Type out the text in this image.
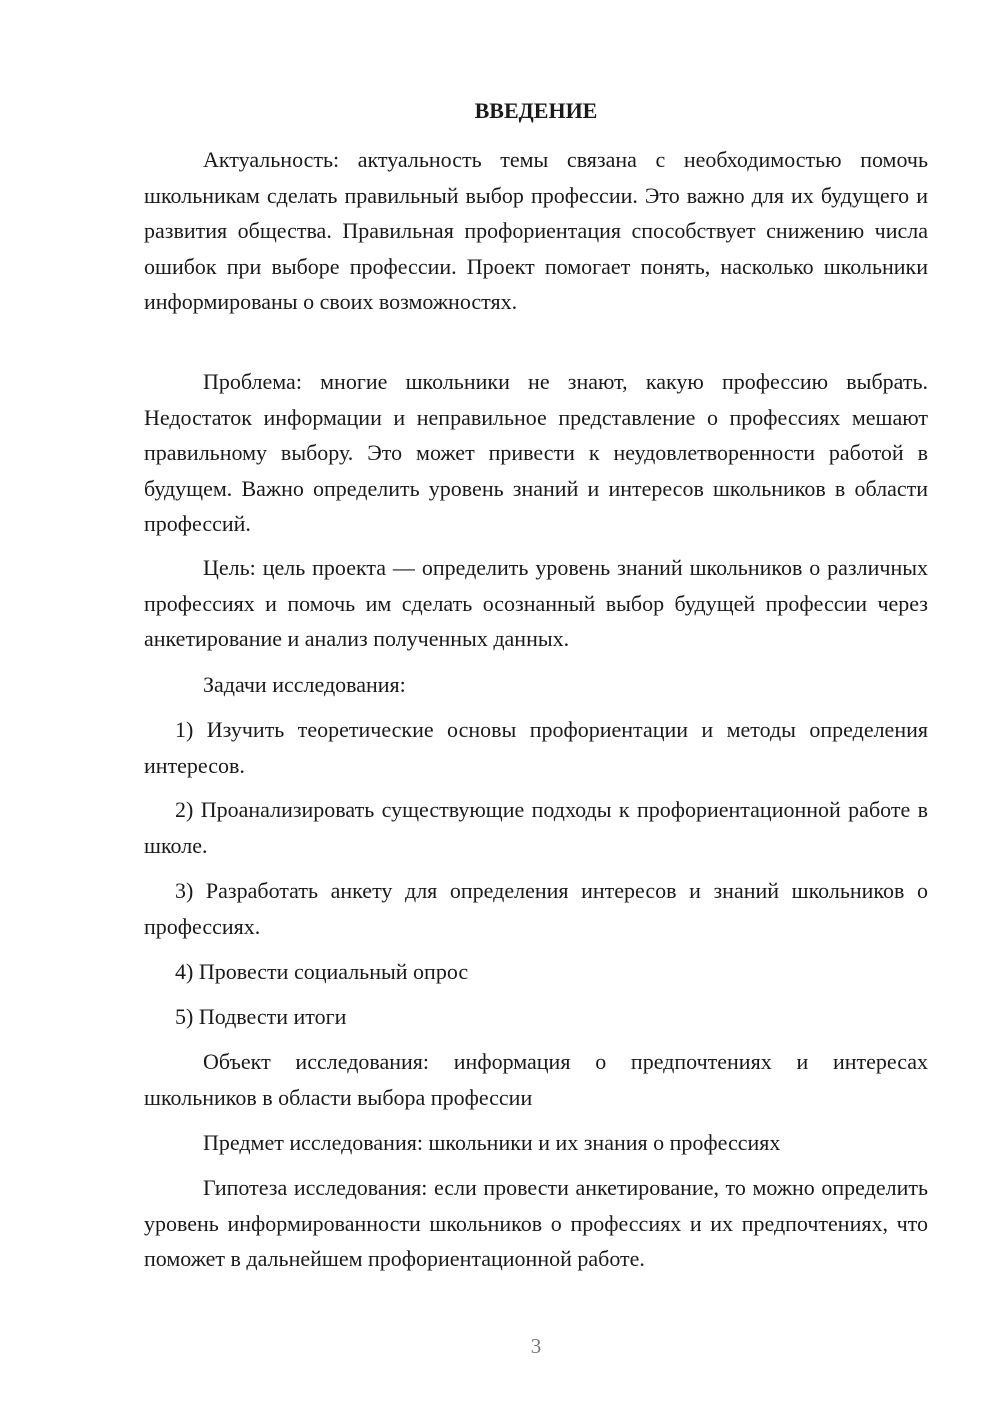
ВВЕДЕНИЕ

Актуальность: актуальность темы связана с необходимостью помочь школьникам сделать правильный выбор профессии. Это важно для их будущего и развития общества. Правильная профориентация способствует снижению числа ошибок при выборе профессии. Проект помогает понять, насколько школьники информированы о своих возможностях.

Проблема: многие школьники не знают, какую профессию выбрать. Недостаток информации и неправильное представление о профессиях мешают правильному выбору. Это может привести к неудовлетворенности работой в будущем. Важно определить уровень знаний и интересов школьников в области профессий.

Цель: цель проекта — определить уровень знаний школьников о различных профессиях и помочь им сделать осознанный выбор будущей профессии через анкетирование и анализ полученных данных.

Задачи исследования:

1) Изучить теоретические основы профориентации и методы определения интересов.

2) Проанализировать существующие подходы к профориентационной работе в школе.

3) Разработать анкету для определения интересов и знаний школьников о профессиях.

4) Провести социальный опрос

5) Подвести итоги

Объект исследования: информация о предпочтениях и интересах школьников в области выбора профессии

Предмет исследования: школьники и их знания о профессиях

Гипотеза исследования: если провести анкетирование, то можно определить уровень информированности школьников о профессиях и их предпочтениях, что поможет в дальнейшем профориентационной работе.

3
